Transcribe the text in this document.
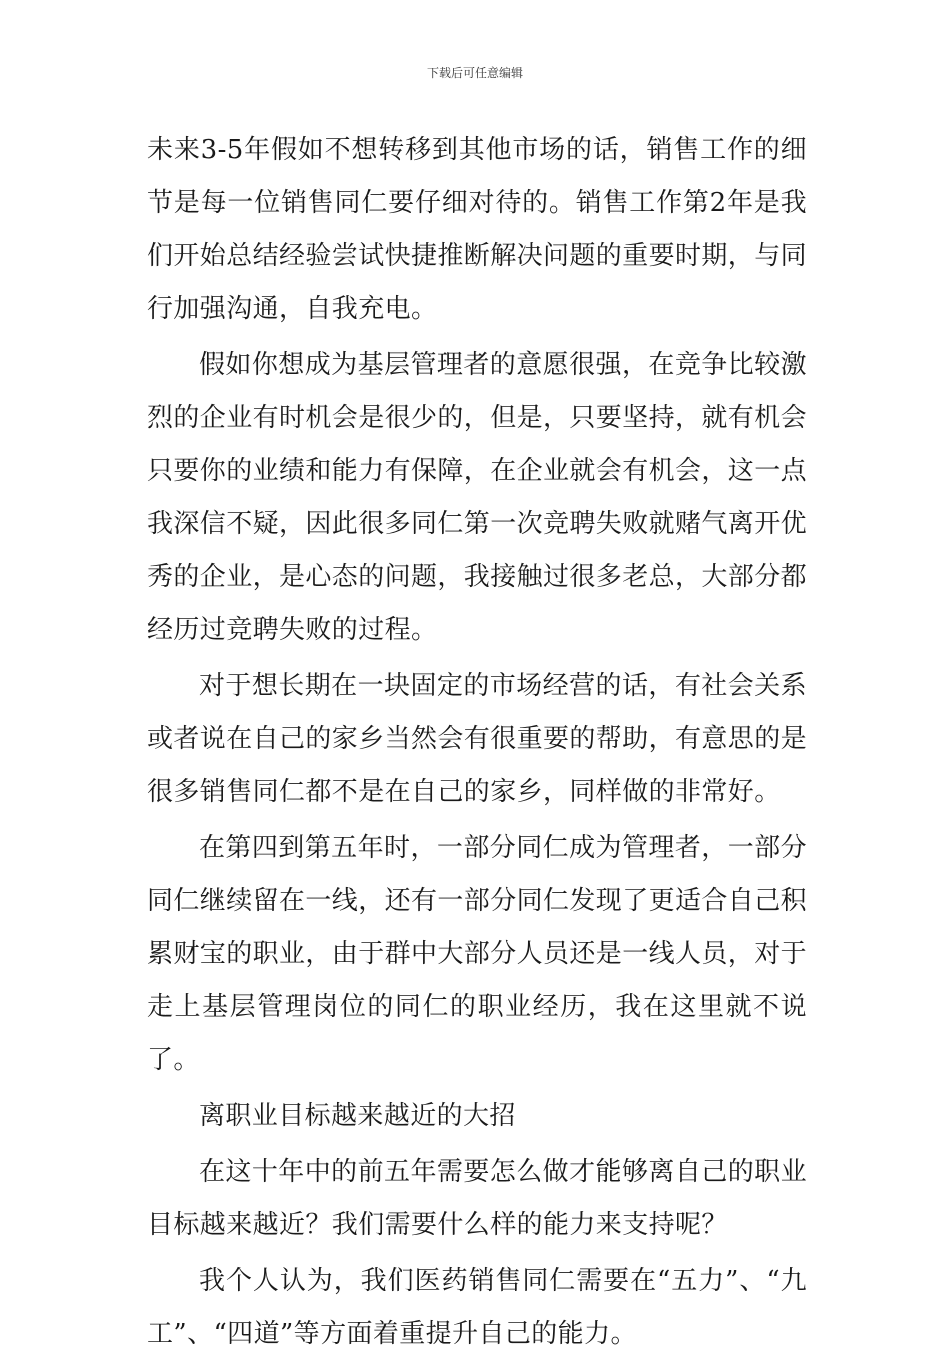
下载后可任意编辑

未来3-5年假如不想转移到其他市场的话，销售工作的细节是每一位销售同仁要仔细对待的。销售工作第2年是我们开始总结经验尝试快捷推断解决问题的重要时期，与同行加强沟通，自我充电。

假如你想成为基层管理者的意愿很强，在竞争比较激烈的企业有时机会是很少的，但是，只要坚持，就有机会只要你的业绩和能力有保障，在企业就会有机会，这一点我深信不疑，因此很多同仁第一次竞聘失败就赌气离开优秀的企业，是心态的问题，我接触过很多老总，大部分都经历过竞聘失败的过程。

对于想长期在一块固定的市场经营的话，有社会关系或者说在自己的家乡当然会有很重要的帮助，有意思的是很多销售同仁都不是在自己的家乡，同样做的非常好。

在第四到第五年时，一部分同仁成为管理者，一部分同仁继续留在一线，还有一部分同仁发现了更适合自己积累财宝的职业，由于群中大部分人员还是一线人员，对于走上基层管理岗位的同仁的职业经历，我在这里就不说了。

离职业目标越来越近的大招

在这十年中的前五年需要怎么做才能够离自己的职业目标越来越近？我们需要什么样的能力来支持呢？

我个人认为，我们医药销售同仁需要在“五力”、“九工”、“四道”等方面着重提升自己的能力。
